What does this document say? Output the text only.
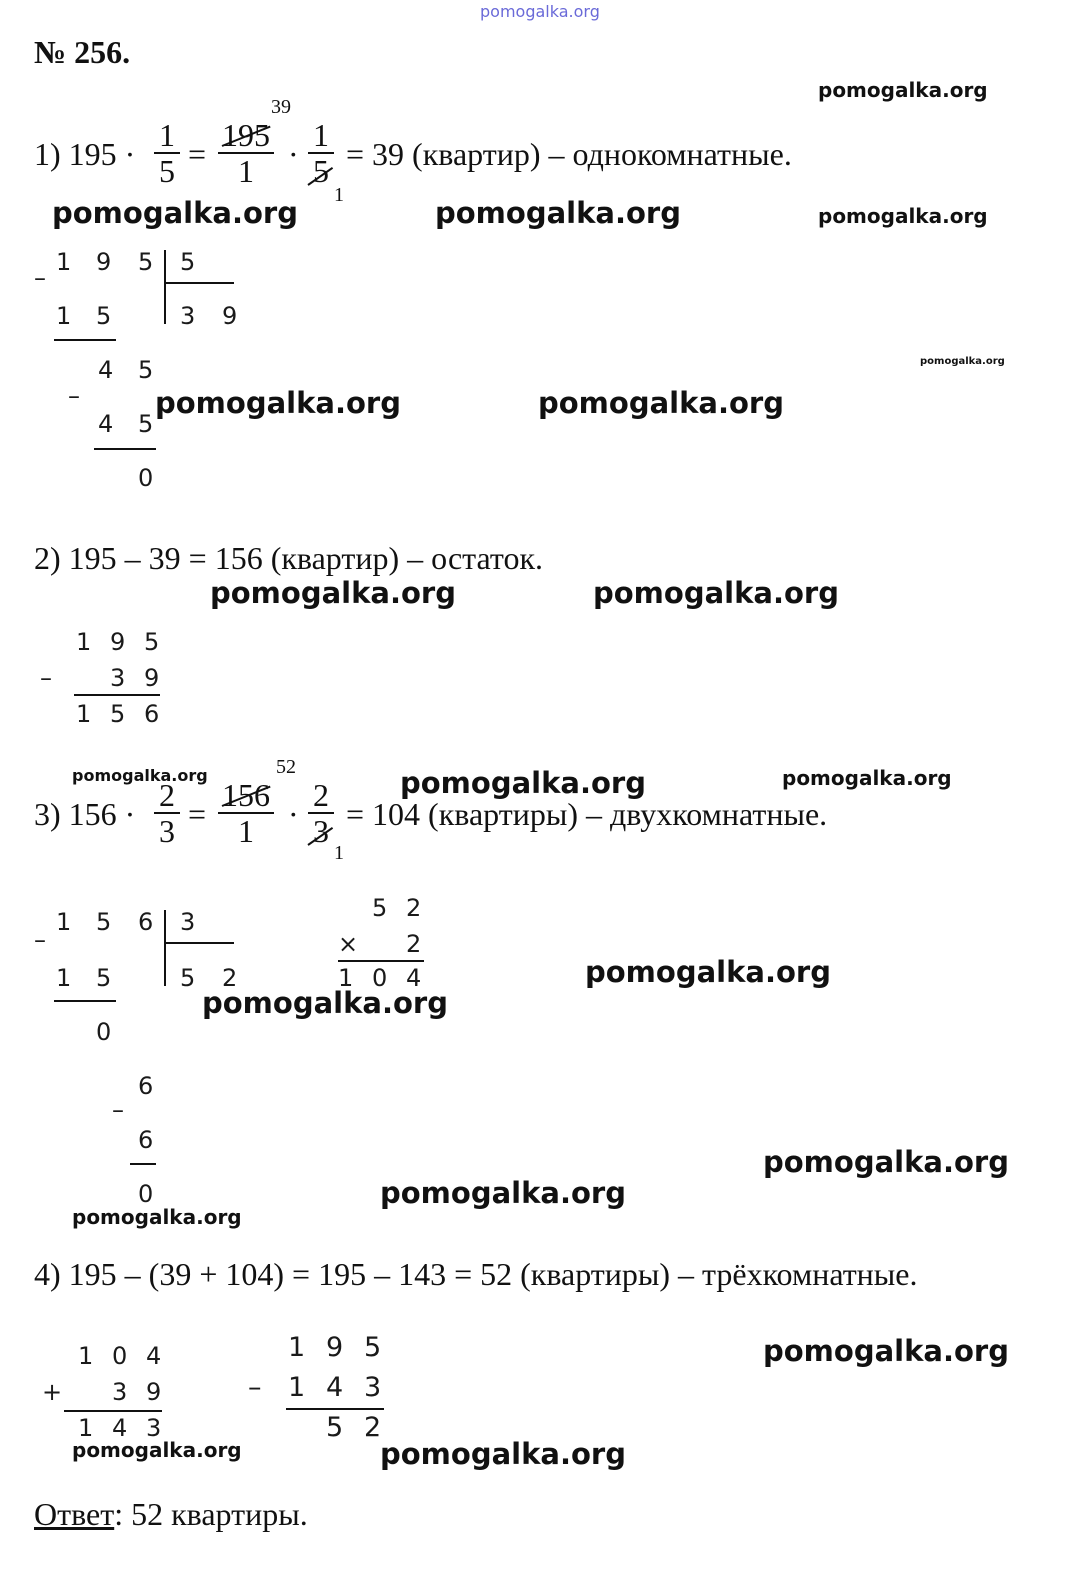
pomogalka.org
№ 256.
pomogalka.org
pomogalka.org	pomogalka.org	pomogalka.org
pomogalka.org
pomogalka.org	pomogalka.org
pomogalka.org	pomogalka.org
pomogalka.org	pomogalka.org	pomogalka.org
pomogalka.org
pomogalka.org
pomogalka.org
pomogalka.org
pomogalka.org
pomogalka.org
pomogalka.org	pomogalka.org
1) 195 ·
1
5 =
195
1
39
·
1
5
1
= 39 (квартир) – однокомнатные.
–
1 9 5 5
3 9
1 5
–
4 5
4 5
0
2) 195 – 39 = 156 (квартир) – остаток.
–
1 9 5
3 9
1 5 6
3) 156 ·
2
3 =
156
1
52
·
2
3
1
= 104 (квартиры) – двухкомнатные.
–
1 5 6 3
5 2
1 5
0
–
6
6
0
5 2
× 2
1 0 4
4) 195 – (39 + 104) = 195 – 143 = 52 (квартиры) – трёхкомнатные.
1 0 4
+ 3 9
1 4 3
1 9 5
– 1 4 3
5 2
Ответ: 52 квартиры.
